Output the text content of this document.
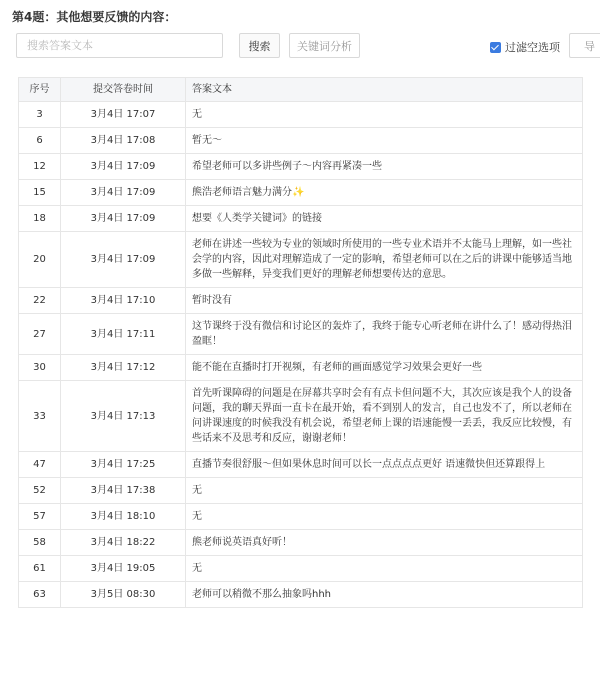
第4题：其他想要反馈的内容：
搜索答案文本
搜索	关键词分析	过滤空选项	导
序号	提交答卷时间	答案文本
3	3月4日 17:07	无
6	3月4日 17:08	暂无～
12	3月4日 17:09	希望老师可以多讲些例子～内容再紧凑一些
15	3月4日 17:09	熊浩老师语言魅力满分✨
18	3月4日 17:09	想要《人类学关键词》的链接
20	3月4日 17:09	老师在讲述一些较为专业的领域时所使用的一些专业术语并不太能马上理解，如一些社会学的内容，因此对理解造成了一定的影响，希望老师可以在之后的讲课中能够适当地多做一些解释，异变我们更好的理解老师想要传达的意思。
22	3月4日 17:10	暂时没有
27	3月4日 17:11	这节课终于没有微信和讨论区的轰炸了，我终于能专心听老师在讲什么了！感动得热泪盈眶！
30	3月4日 17:12	能不能在直播时打开视频，有老师的画面感觉学习效果会更好一些
33	3月4日 17:13	首先听课障碍的问题是在屏幕共享时会有有点卡但问题不大，其次应该是我个人的设备问题，我的聊天界面一直卡在最开始，看不到别人的发言，自己也发不了，所以老师在问讲课速度的时候我没有机会说，希望老师上课的语速能慢一丢丢，我反应比较慢，有些话来不及思考和反应，谢谢老师！
47	3月4日 17:25	直播节奏很舒服～但如果休息时间可以长一点点点点更好 语速微快但还算跟得上
52	3月4日 17:38	无
57	3月4日 18:10	无
58	3月4日 18:22	熊老师说英语真好听！
61	3月4日 19:05	无
63	3月5日 08:30	老师可以稍微不那么抽象吗hhh
